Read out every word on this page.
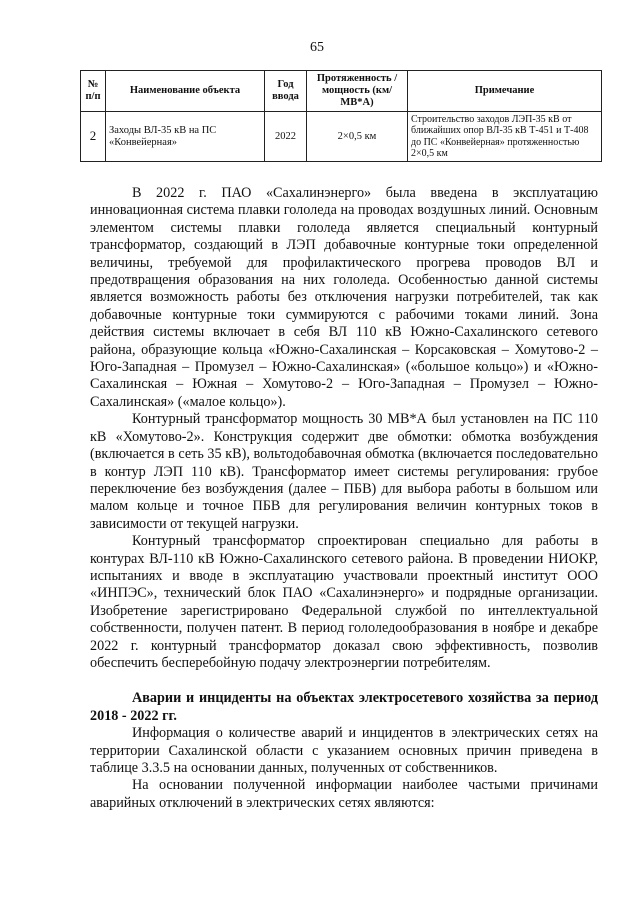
65
№ п/п	Наименование объекта	Год ввода	Протяженность / мощность (км/МВ*А)	Примечание
2	Заходы ВЛ-35 кВ на ПС «Конвейерная»	2022	2×0,5 км	Строительство заходов ЛЭП-35 кВ от ближайших опор ВЛ-35 кВ Т-451 и Т-408 до ПС «Конвейерная» протяженностью 2×0,5 км

В 2022 г. ПАО «Сахалинэнерго» была введена в эксплуатацию инновационная система плавки гололеда на проводах воздушных линий. Основным элементом системы плавки гололеда является специальный контурный трансформатор, создающий в ЛЭП добавочные контурные токи определенной величины, требуемой для профилактического прогрева проводов ВЛ и предотвращения образования на них гололеда. Особенностью данной системы является возможность работы без отключения нагрузки потребителей, так как добавочные контурные токи суммируются с рабочими токами линий. Зона действия системы включает в себя ВЛ 110 кВ Южно-Сахалинского сетевого района, образующие кольца «Южно-Сахалинская – Корсаковская – Хомутово-2 – Юго-Западная – Промузел – Южно-Сахалинская» («большое кольцо») и «Южно-Сахалинская – Южная – Хомутово-2 – Юго-Западная – Промузел – Южно-Сахалинская» («малое кольцо»).

Контурный трансформатор мощность 30 МВ*А был установлен на ПС 110 кВ «Хомутово-2». Конструкция содержит две обмотки: обмотка возбуждения (включается в сеть 35 кВ), вольтодобавочная обмотка (включается последовательно в контур ЛЭП 110 кВ). Трансформатор имеет системы регулирования: грубое переключение без возбуждения (далее – ПБВ) для выбора работы в большом или малом кольце и точное ПБВ для регулирования величин контурных токов в зависимости от текущей нагрузки.

Контурный трансформатор спроектирован специально для работы в контурах ВЛ-110 кВ Южно-Сахалинского сетевого района. В проведении НИОКР, испытаниях и вводе в эксплуатацию участвовали проектный институт ООО «ИНПЭС», технический блок ПАО «Сахалинэнерго» и подрядные организации. Изобретение зарегистрировано Федеральной службой по интеллектуальной собственности, получен патент. В период гололедообразования в ноябре и декабре 2022 г. контурный трансформатор доказал свою эффективность, позволив обеспечить бесперебойную подачу электроэнергии потребителям.

Аварии и инциденты на объектах электросетевого хозяйства за период 2018 - 2022 гг.

Информация о количестве аварий и инцидентов в электрических сетях на территории Сахалинской области с указанием основных причин приведена в таблице 3.3.5 на основании данных, полученных от собственников.

На основании полученной информации наиболее частыми причинами аварийных отключений в электрических сетях являются:
